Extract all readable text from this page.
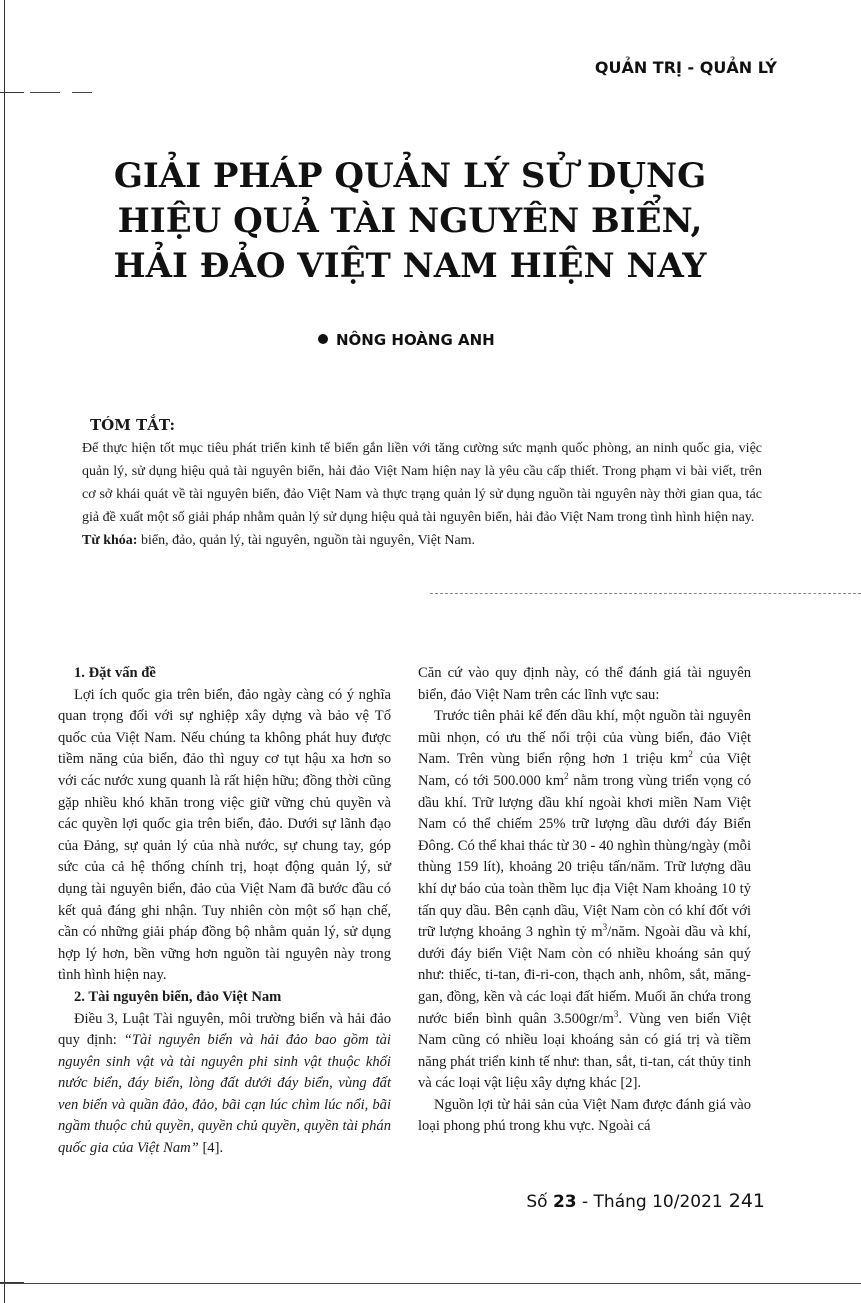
QUẢN TRỊ - QUẢN LÝ
GIẢI PHÁP QUẢN LÝ SỬ DỤNG
HIỆU QUẢ TÀI NGUYÊN BIỂN,
HẢI ĐẢO VIỆT NAM HIỆN NAY
NÔNG HOÀNG ANH
TÓM TẮT:

Để thực hiện tốt mục tiêu phát triển kinh tế biển gắn liền với tăng cường sức mạnh quốc phòng, an ninh quốc gia, việc quản lý, sử dụng hiệu quả tài nguyên biển, hải đảo Việt Nam hiện nay là yêu cầu cấp thiết. Trong phạm vi bài viết, trên cơ sở khái quát về tài nguyên biển, đảo Việt Nam và thực trạng quản lý sử dụng nguồn tài nguyên này thời gian qua, tác giả đề xuất một số giải pháp nhằm quản lý sử dụng hiệu quả tài nguyên biển, hải đảo Việt Nam trong tình hình hiện nay.

Từ khóa: biển, đảo, quản lý, tài nguyên, nguồn tài nguyên, Việt Nam.

1. Đặt vấn đề

Lợi ích quốc gia trên biển, đảo ngày càng có ý nghĩa quan trọng đối với sự nghiệp xây dựng và bảo vệ Tổ quốc của Việt Nam. Nếu chúng ta không phát huy được tiềm năng của biển, đảo thì nguy cơ tụt hậu xa hơn so với các nước xung quanh là rất hiện hữu; đồng thời cũng gặp nhiều khó khăn trong việc giữ vững chủ quyền và các quyền lợi quốc gia trên biển, đảo. Dưới sự lãnh đạo của Đảng, sự quản lý của nhà nước, sự chung tay, góp sức của cả hệ thống chính trị, hoạt động quản lý, sử dụng tài nguyên biển, đảo của Việt Nam đã bước đầu có kết quả đáng ghi nhận. Tuy nhiên còn một số hạn chế, cần có những giải pháp đồng bộ nhằm quản lý, sử dụng hợp lý hơn, bền vững hơn nguồn tài nguyên này trong tình hình hiện nay.

2. Tài nguyên biển, đảo Việt Nam

Điều 3, Luật Tài nguyên, môi trường biển và hải đảo quy định: “Tài nguyên biển và hải đảo bao gồm tài nguyên sinh vật và tài nguyên phi sinh vật thuộc khối nước biển, đáy biển, lòng đất dưới đáy biển, vùng đất ven biển và quần đảo, đảo, bãi cạn lúc chìm lúc nổi, bãi ngầm thuộc chủ quyền, quyền chủ quyền, quyền tài phán quốc gia của Việt Nam” [4].

Căn cứ vào quy định này, có thể đánh giá tài nguyên biển, đảo Việt Nam trên các lĩnh vực sau:

Trước tiên phải kể đến dầu khí, một nguồn tài nguyên mũi nhọn, có ưu thế nổi trội của vùng biển, đảo Việt Nam. Trên vùng biển rộng hơn 1 triệu $km^2$ của Việt Nam, có tới 500.000 $km^2$ nằm trong vùng triển vọng có dầu khí. Trữ lượng dầu khí ngoài khơi miền Nam Việt Nam có thể chiếm 25% trữ lượng dầu dưới đáy Biển Đông. Có thể khai thác từ 30 - 40 nghìn thùng/ngày (mỗi thùng 159 lít), khoảng 20 triệu tấn/năm. Trữ lượng dầu khí dự báo của toàn thềm lục địa Việt Nam khoảng 10 tỷ tấn quy dầu. Bên cạnh dầu, Việt Nam còn có khí đốt với trữ lượng khoảng 3 nghìn tỷ $m^3$/năm. Ngoài dầu và khí, dưới đáy biển Việt Nam còn có nhiều khoáng sản quý như: thiếc, ti-tan, đi-ri-con, thạch anh, nhôm, sắt, măng-gan, đồng, kền và các loại đất hiếm. Muối ăn chứa trong nước biển bình quân $3.500gr/m^3$. Vùng ven biển Việt Nam cũng có nhiều loại khoáng sản có giá trị và tiềm năng phát triển kinh tế như: than, sắt, ti-tan, cát thủy tinh và các loại vật liệu xây dựng khác [2].

Nguồn lợi từ hải sản của Việt Nam được đánh giá vào loại phong phú trong khu vực. Ngoài cá

Số 23 - Tháng 10/2021 241
